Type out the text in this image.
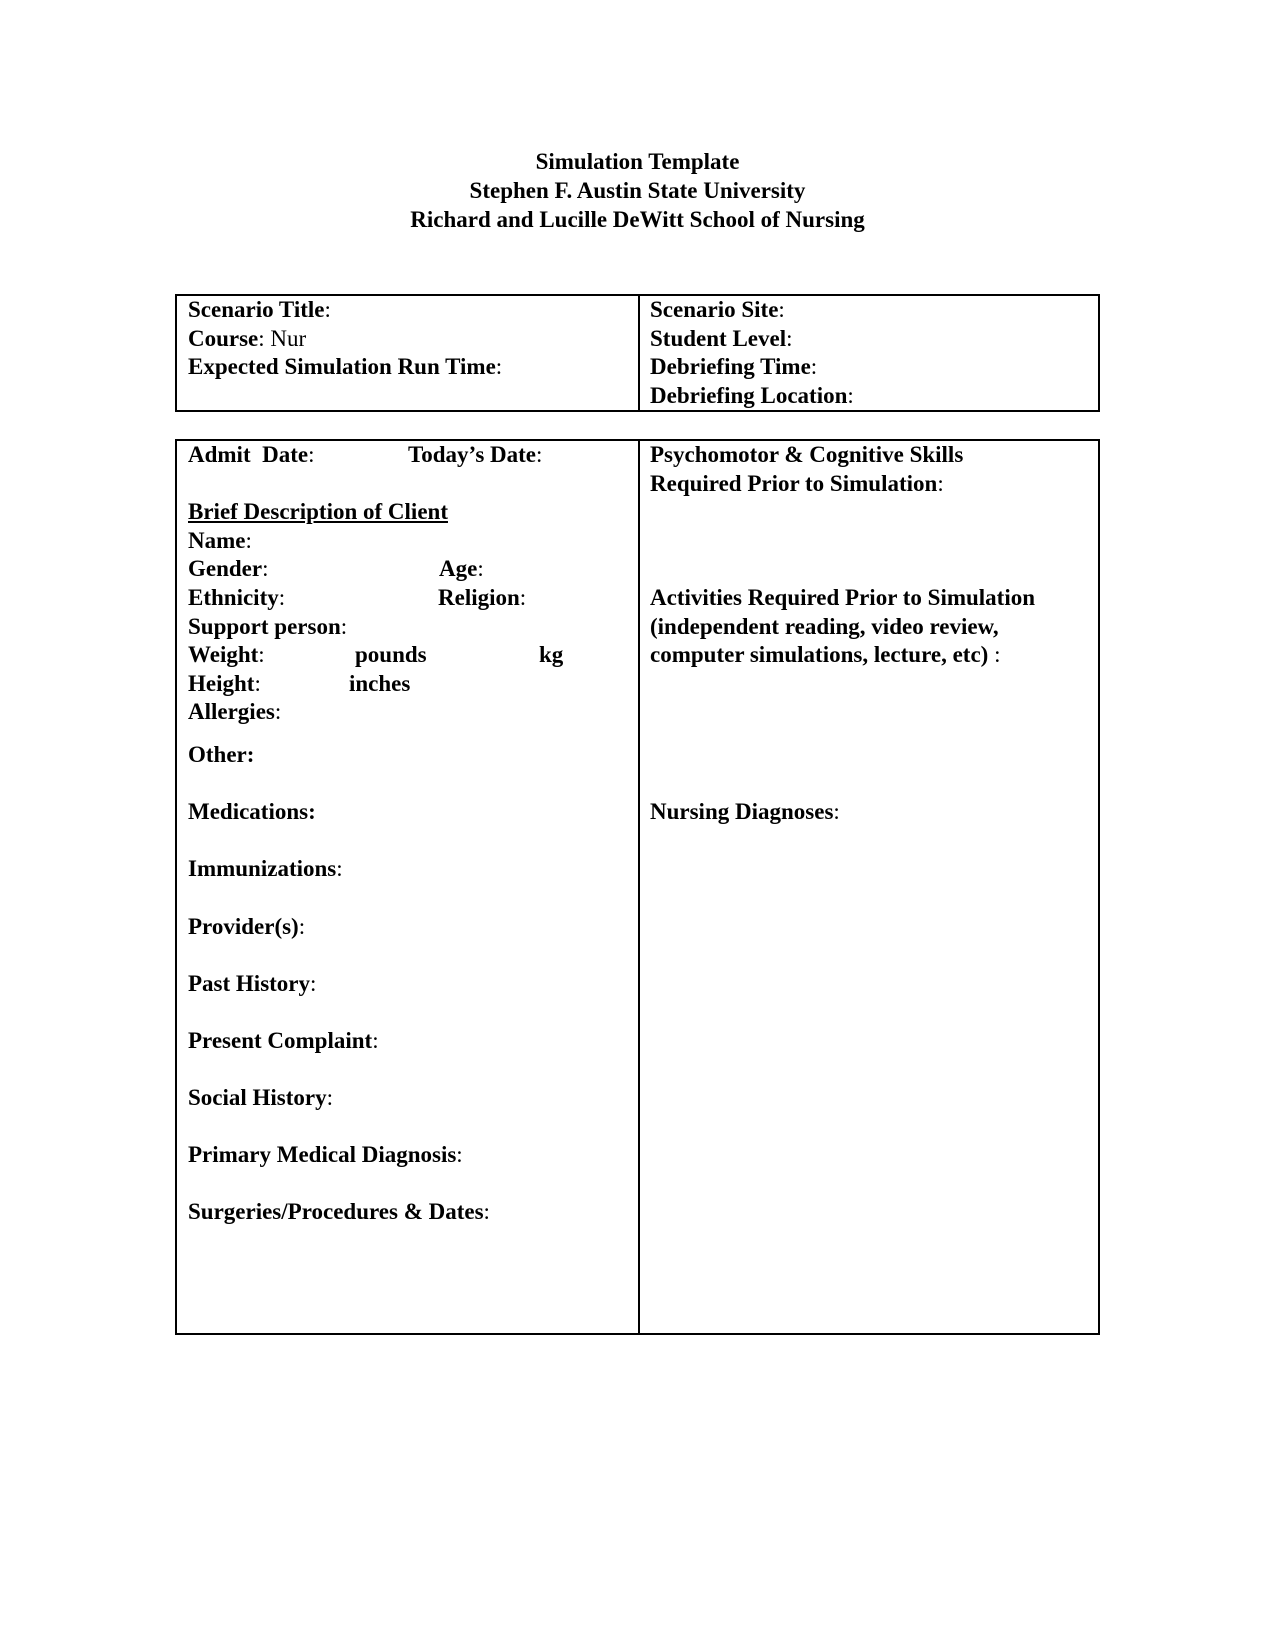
Simulation Template
Stephen F. Austin State University
Richard and Lucille DeWitt School of Nursing
Scenario Title:
Course: Nur
Expected Simulation Run Time:
Scenario Site:
Student Level:
Debriefing Time:
Debriefing Location:
Admit  Date:	Today’s Date:
Brief Description of Client
Name:
Gender:	Age:
Ethnicity:	Religion:
Support person:
Weight:	pounds	kg
Height:	inches
Allergies:
Other:
Medications:
Immunizations:
Provider(s):
Past History:
Present Complaint:
Social History:
Primary Medical Diagnosis:
Surgeries/Procedures & Dates:
Psychomotor & Cognitive Skills
Required Prior to Simulation:
Activities Required Prior to Simulation
(independent reading, video review,
computer simulations, lecture, etc) :
Nursing Diagnoses:
